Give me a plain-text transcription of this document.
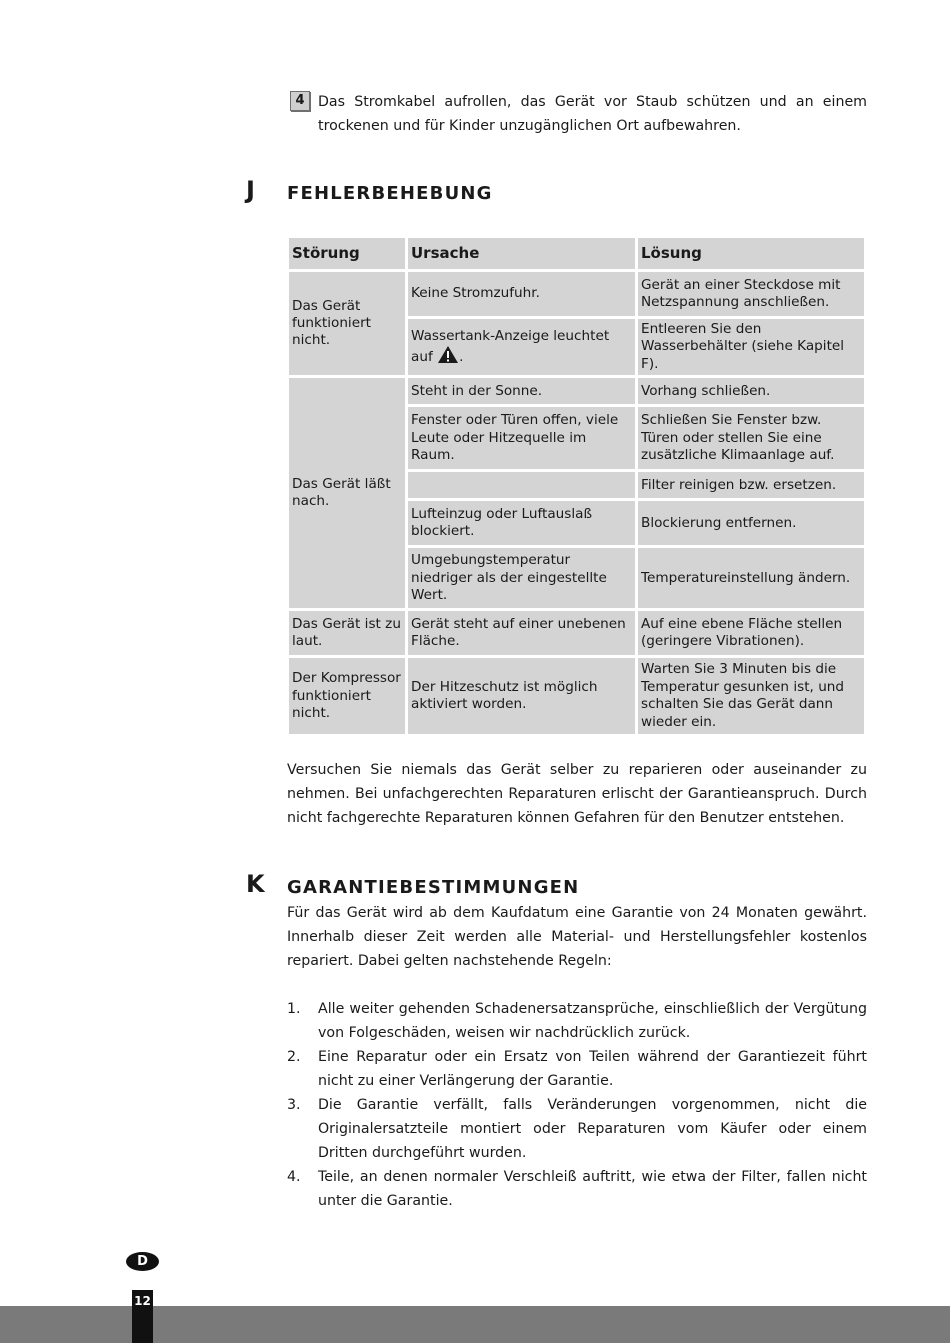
4 Das Stromkabel aufrollen, das Gerät vor Staub schützen und an einem trockenen und für Kinder unzugänglichen Ort aufbewahren.
J FEHLERBEHEBUNG
Störung	Ursache	Lösung
Das Gerät funktioniert nicht.	Keine Stromzufuhr.	Gerät an einer Steckdose mit Netzspannung anschließen.
	Wassertank-Anzeige leuchtet auf .	Entleeren Sie den Wasserbehälter (siehe Kapitel F).
Das Gerät läßt nach.	Steht in der Sonne.	Vorhang schließen.
	Fenster oder Türen offen, viele Leute oder Hitzequelle im Raum.	Schließen Sie Fenster bzw. Türen oder stellen Sie eine zusätzliche Klimaanlage auf.
		Filter reinigen bzw. ersetzen.
	Lufteinzug oder Luftauslaß blockiert.	Blockierung entfernen.
	Umgebungstemperatur niedriger als der eingestellte Wert.	Temperatureinstellung ändern.
Das Gerät ist zu laut.	Gerät steht auf einer unebenen Fläche.	Auf eine ebene Fläche stellen (geringere Vibrationen).
Der Kompressor funktioniert nicht.	Der Hitzeschutz ist möglich aktiviert worden.	Warten Sie 3 Minuten bis die Temperatur gesunken ist, und schalten Sie das Gerät dann wieder ein.
Versuchen Sie niemals das Gerät selber zu reparieren oder auseinander zu nehmen. Bei unfachgerechten Reparaturen erlischt der Garantieanspruch. Durch nicht fachgerechte Reparaturen können Gefahren für den Benutzer entstehen.
K GARANTIEBESTIMMUNGEN
Für das Gerät wird ab dem Kaufdatum eine Garantie von 24 Monaten gewährt. Innerhalb dieser Zeit werden alle Material- und Herstellungsfehler kostenlos repariert. Dabei gelten nachstehende Regeln:
1. Alle weiter gehenden Schadenersatzansprüche, einschließlich der Vergütung von Folgeschäden, weisen wir nachdrücklich zurück.
2. Eine Reparatur oder ein Ersatz von Teilen während der Garantiezeit führt nicht zu einer Verlängerung der Garantie.
3. Die Garantie verfällt, falls Veränderungen vorgenommen, nicht die Originalersatzteile montiert oder Reparaturen vom Käufer oder einem Dritten durchgeführt wurden.
4. Teile, an denen normaler Verschleiß auftritt, wie etwa der Filter, fallen nicht unter die Garantie.
D
12
